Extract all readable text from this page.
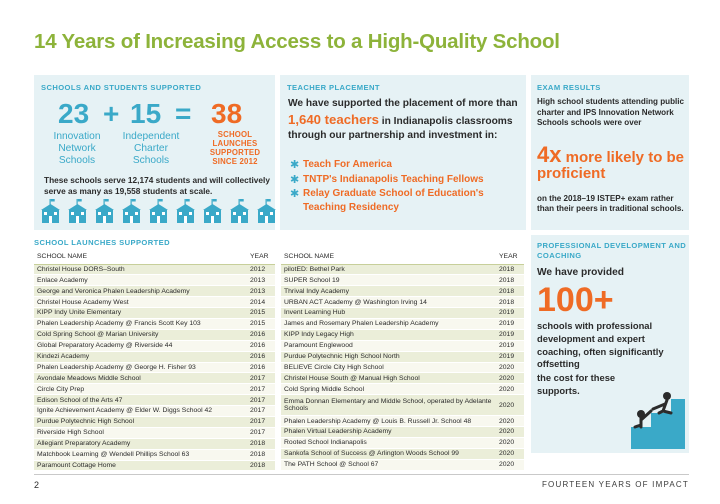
14 Years of Increasing Access to a High-Quality School
SCHOOLS AND STUDENTS SUPPORTED
23 + 15 = 38
Innovation Network Schools
Independent Charter Schools
SCHOOL LAUNCHES SUPPORTED SINCE 2012
These schools serve 12,174 students and will collectively serve as many as 19,558 students at scale.
TEACHER PLACEMENT
We have supported the placement of more than 1,640 teachers in Indianapolis classrooms through our partnership and investment in:
✱ Teach For America
✱ TNTP's Indianapolis Teaching Fellows
✱ Relay Graduate School of Education's Teaching Residency
EXAM RESULTS
High school students attending public charter and IPS Innovation Network Schools schools were over
4x more likely to be proficient
on the 2018–19 ISTEP+ exam rather than their peers in traditional schools.
PROFESSIONAL DEVELOPMENT AND COACHING
We have provided
100+
schools with professional development and expert coaching, often significantly offsetting
the cost for these supports.
SCHOOL LAUNCHES SUPPORTED
SCHOOL NAME	YEAR
Christel House DORS–South	2012
Enlace Academy	2013
George and Veronica Phalen Leadership Academy	2013
Christel House Academy West	2014
KIPP Indy Unite Elementary	2015
Phalen Leadership Academy @ Francis Scott Key 103	2015
Cold Spring School @ Marian University	2016
Global Preparatory Academy @ Riverside 44	2016
Kindezi Academy	2016
Phalen Leadership Academy @ George H. Fisher 93	2016
Avondale Meadows Middle School	2017
Circle City Prep	2017
Edison School of the Arts 47	2017
Ignite Achievement Academy @ Elder W. Diggs School 42	2017
Purdue Polytechnic High School	2017
Riverside High School	2017
Allegiant Preparatory Academy	2018
Matchbook Learning @ Wendell Phillips School 63	2018
Paramount Cottage Home	2018
SCHOOL NAME	YEAR
pilotED: Bethel Park	2018
SUPER School 19	2018
Thrival Indy Academy	2018
URBAN ACT Academy @ Washington Irving 14	2018
Invent Learning Hub	2019
James and Rosemary Phalen Leadership Academy	2019
KIPP Indy Legacy High	2019
Paramount Englewood	2019
Purdue Polytechnic High School North	2019
BELIEVE Circle City High School	2020
Christel House South @ Manual High School	2020
Cold Spring Middle School	2020
Emma Donnan Elementary and Middle School, operated by Adelante Schools	2020
Phalen Leadership Academy @ Louis B. Russell Jr. School 48	2020
Phalen Virtual Leadership Academy	2020
Rooted School Indianapolis	2020
Sankofa School of Success @ Arlington Woods School 99	2020
The PATH School @ School 67	2020
2	FOURTEEN YEARS OF IMPACT
